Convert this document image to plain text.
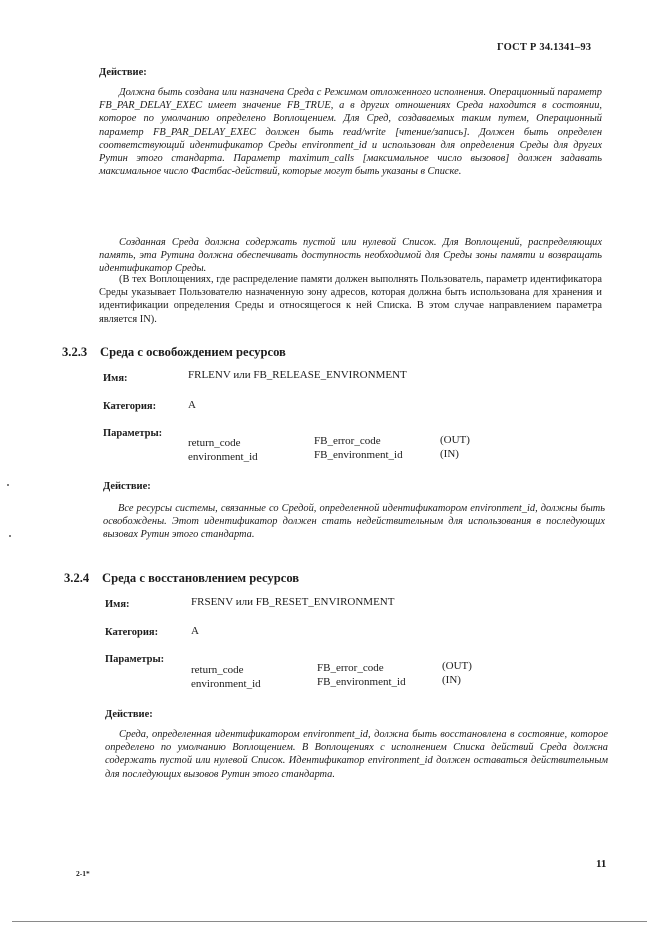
ГОСТ Р 34.1341–93
Действие:
Должна быть создана или назначена Среда с Режимом отложенного исполнения. Операционный параметр FB_PAR_DELAY_EXEC имеет значение FB_TRUE, а в других отношениях Среда находится в состоянии, которое по умолчанию определено Воплощением. Для Сред, создаваемых таким путем, Операционный параметр FB_PAR_DELAY_EXEC должен быть read/write [чтение/запись]. Должен быть определен соответствующий идентификатор Среды environment_id и использован для определения Среды для других Рутин этого стандарта. Параметр maximum_calls [максимальное число вызовов] должен задавать максимальное число Фастбас-действий, которые могут быть указаны в Списке.
Созданная Среда должна содержать пустой или нулевой Список. Для Воплощений, распределяющих память, эта Рутина должна обеспечивать доступность необходимой для Среды зоны памяти и возвращать идентификатор Среды.
(В тех Воплощениях, где распределение памяти должен выполнять Пользователь, параметр идентификатора Среды указывает Пользователю назначенную зону адресов, которая должна быть использована для хранения и идентификации определения Среды и относящегося к ней Списка. В этом случае направлением параметра является IN).
3.2.3 Среда с освобождением ресурсов
Имя:	FRLENV или FB_RELEASE_ENVIRONMENT
Категория:	A
Параметры:
return_code	FB_error_code	(OUT)
environment_id	FB_environment_id	(IN)
Действие:
Все ресурсы системы, связанные со Средой, определенной идентификатором environment_id, должны быть освобождены. Этот идентификатор должен стать недействительным для использования в последующих вызовах Рутин этого стандарта.
3.2.4 Среда с восстановлением ресурсов
Имя:	FRSENV или FB_RESET_ENVIRONMENT
Категория:	A
Параметры:
return_code	FB_error_code	(OUT)
environment_id	FB_environment_id	(IN)
Действие:
Среда, определенная идентификатором environment_id, должна быть восстановлена в состояние, которое определено по умолчанию Воплощением. В Воплощениях с исполнением Списка действий Среда должна содержать пустой или нулевой Список. Идентификатор environment_id должен оставаться действительным для последующих вызовов Рутин этого стандарта.
11
2-1*
